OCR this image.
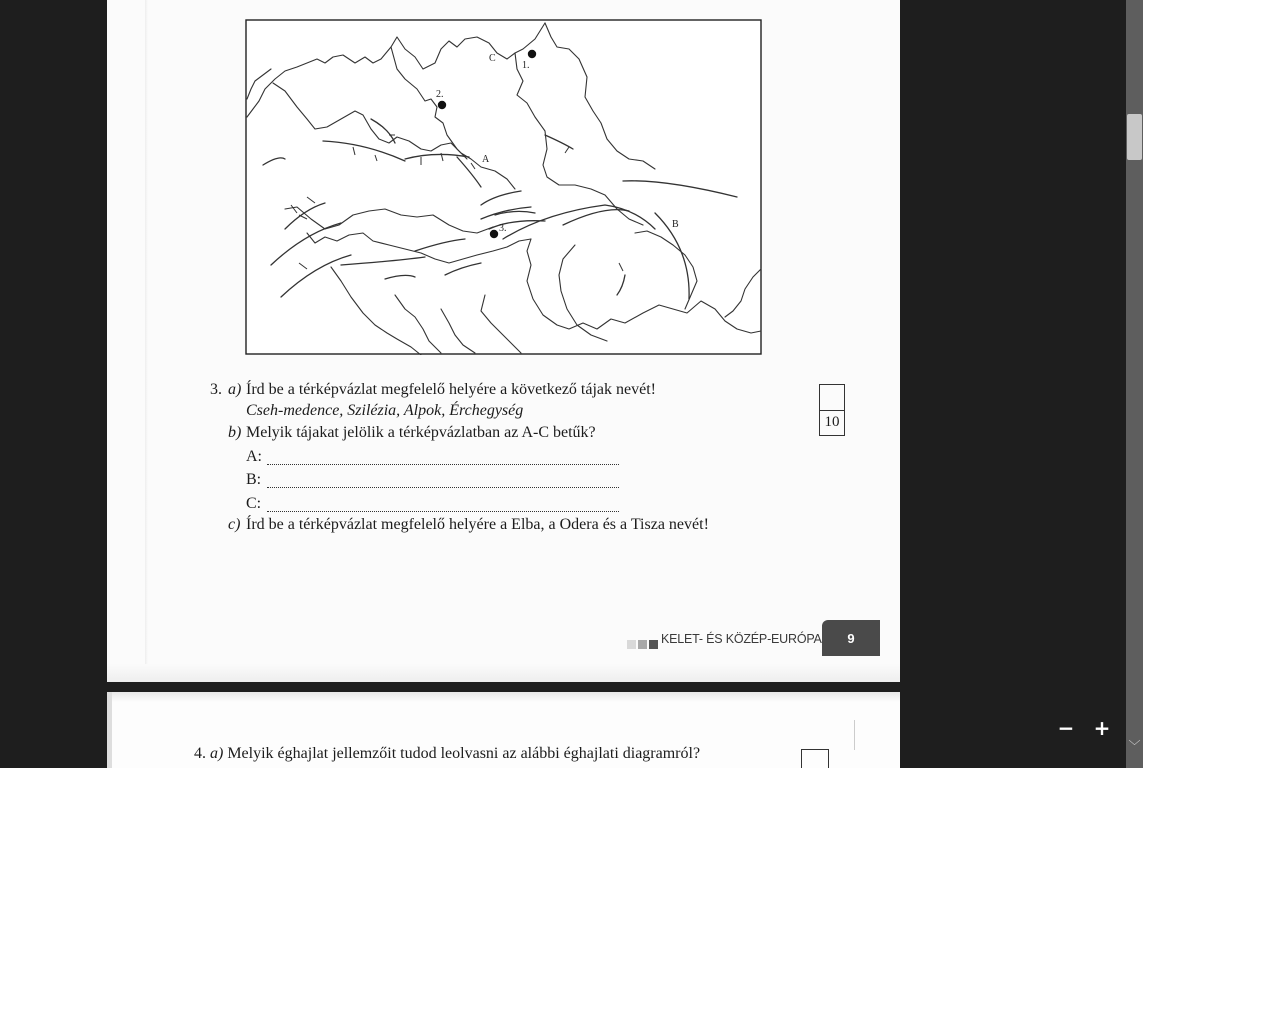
1.
2.
3.
A
B
C
3. a) Írd be a térképvázlat megfelelő helyére a következő tájak nevét!
Cseh-medence, Szilézia, Alpok, Érchegység
b) Melyik tájakat jelölik a térképvázlatban az A-C betűk?
A:
B:
C:
c) Írd be a térképvázlat megfelelő helyére a Elba, a Odera és a Tisza nevét!
10
KELET- ÉS KÖZÉP-EURÓPA	9
4. a) Melyik éghajlat jellemzőit tudod leolvasni az alábbi éghajlati diagramról?
− +
﹀
